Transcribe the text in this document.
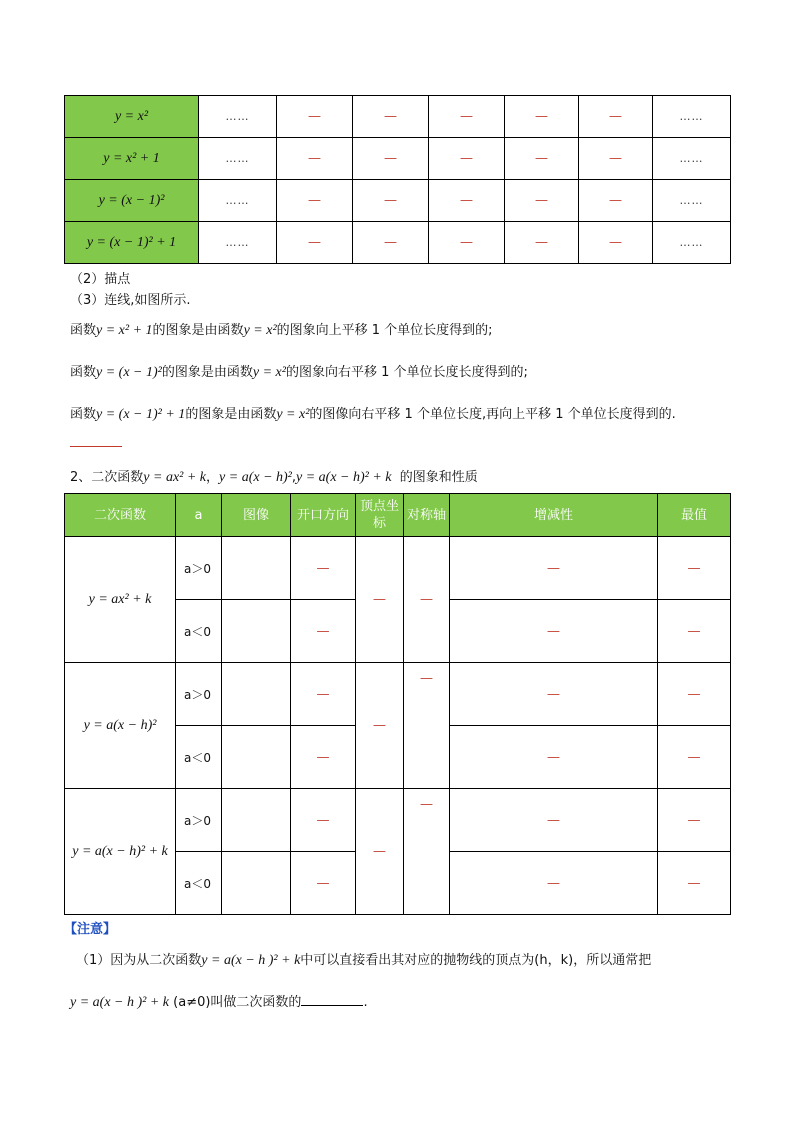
y = x²	……	—	—	—	—	—	……
y = x² + 1	……	—	—	—	—	—	……
y = (x − 1)²	……	—	—	—	—	—	……
y = (x − 1)² + 1	……	—	—	—	—	—	……
（2）描点
（3）连线,如图所示.
函数y = x² + 1的图象是由函数y = x²的图象向上平移 1 个单位长度得到的;
函数y = (x − 1)²的图象是由函数y = x²的图象向右平移 1 个单位长度长度得到的;
函数y = (x − 1)² + 1的图象是由函数y = x²的图像向右平移 1 个单位长度,再向上平移 1 个单位长度得到的.
2、二次函数y = ax² + k，y = a(x − h)²,y = a(x − h)² + k 的图象和性质
二次函数	a	图像	开口方向	顶点坐标	对称轴	增减性	最值
y = ax² + k	a＞0		—	—	—	—	—
	a＜0		—			—	—
y = a(x − h)²	a＞0		—	—	—	—	—
	a＜0		—			—	—
y = a(x − h)² + k	a＞0		—	—	—	—	—
	a＜0		—			—	—
【注意】
（1）因为从二次函数y = a(x − h )² + k中可以直接看出其对应的抛物线的顶点为(h，k)，所以通常把
y = a(x − h )² + k (a≠0)叫做二次函数的	.
